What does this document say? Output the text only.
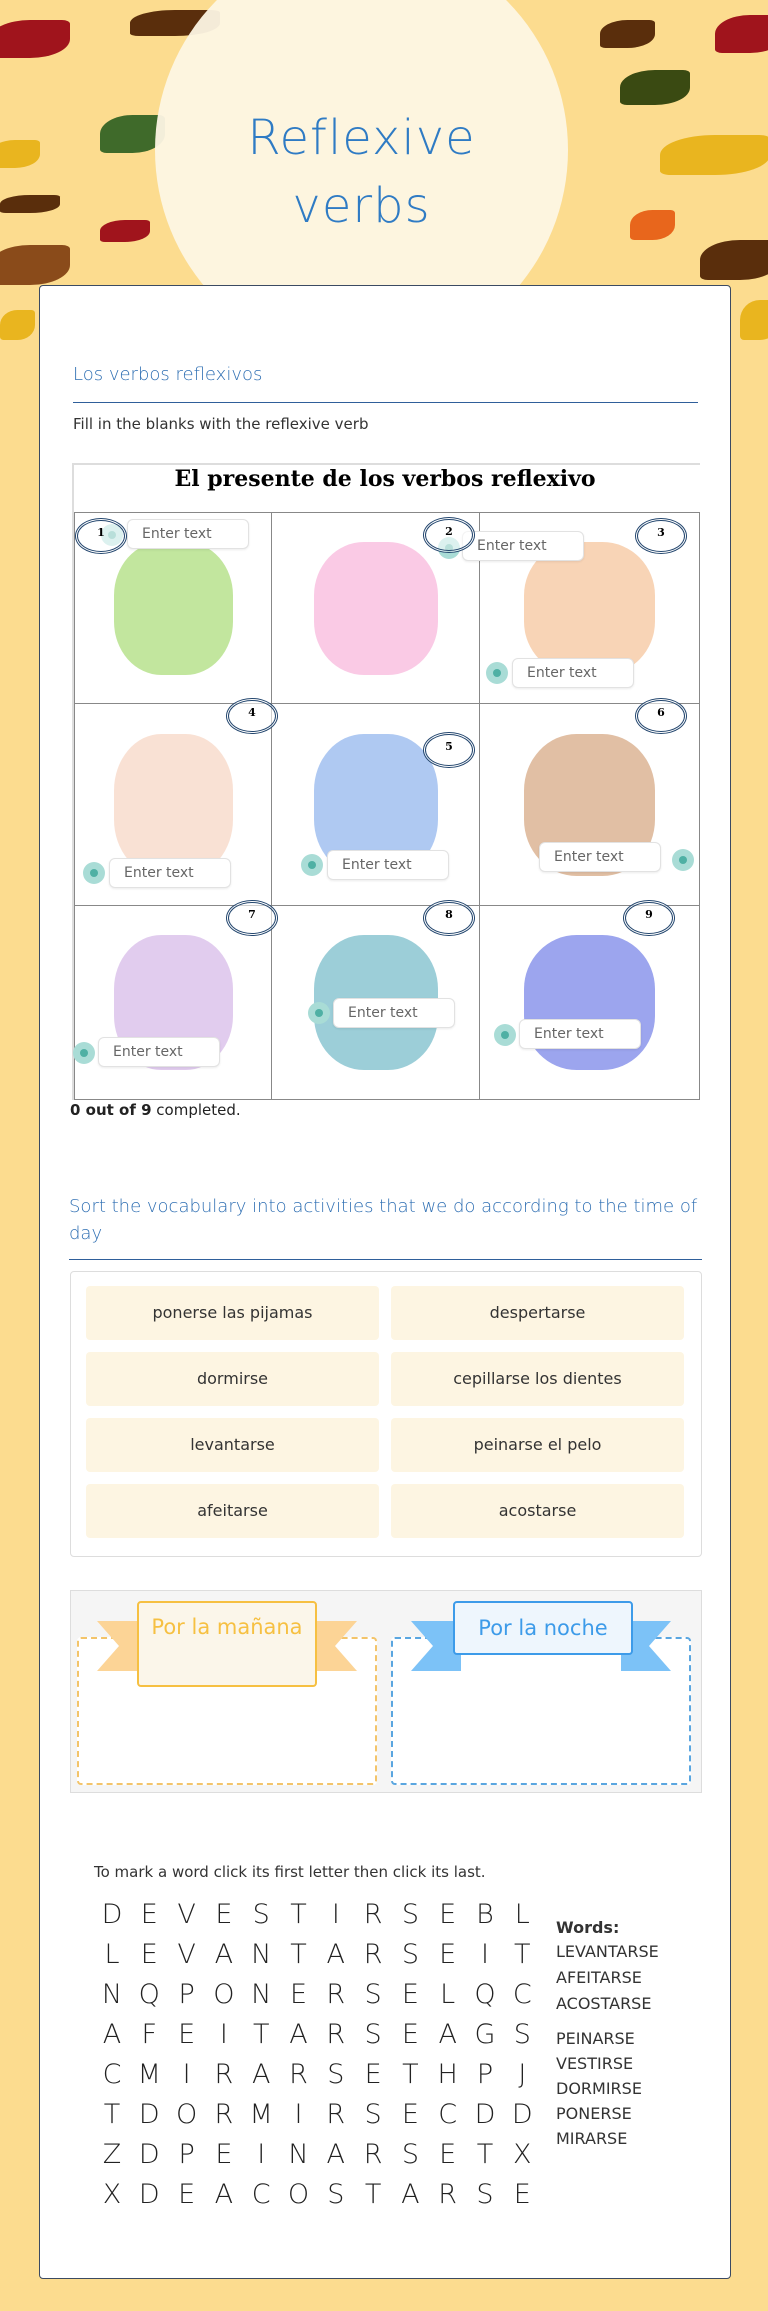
Reflexive
verbs
Los verbos reflexivos
Fill in the blanks with the reflexive verb
El presente de los verbos reflexivo
Enter text
1
Enter text
2
Enter text
3
Enter text
4
Enter text
5
Enter text
6
Enter text
7
Enter text
8
Enter text
9
0 out of 9 completed.
Sort the vocabulary into activities that we do according to the time of day
ponerse las pijamas	despertarse
dormirse	cepillarse los dientes
levantarse	peinarse el pelo
afeitarse	acostarse
Por la mañana	Por la noche
To mark a word click its first letter then click its last.
D E V E S T I R S E B L
L E V A N T A R S E I T
N Q P O N E R S E L Q C
A F E I T A R S E A G S
C M I R A R S E T H P J
T D O R M I R S E C D D
Z D P E I N A R S E T X
X D E A C O S T A R S E
Words:
LEVANTARSE
AFEITARSE
ACOSTARSE
PEINARSE
VESTIRSE
DORMIRSE
PONERSE
MIRARSE
